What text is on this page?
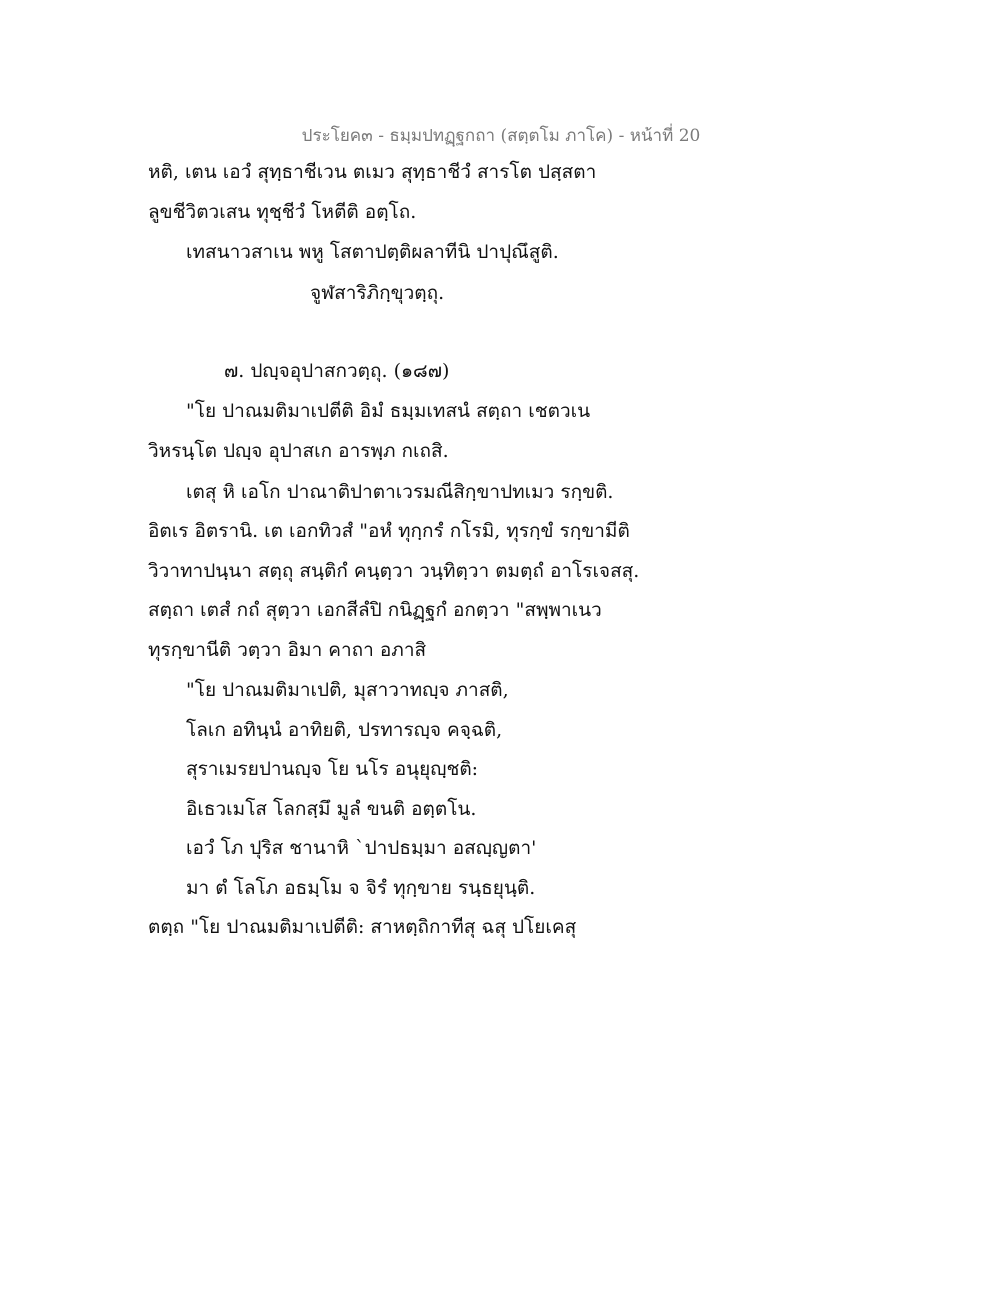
ประโยค๓ - ธมฺมปทฏฺฐกถา (สตฺตโม ภาโค) - หน้าที่ 20
หติ, เตน เอวํ สุทฺธาชีเวน ตเมว สุทฺธาชีวํ สารโต ปสฺสตา
ลูขชีวิตวเสน ทุชฺชีวํ โหตีติ อตฺโถ.
เทสนาวสาเน พหู โสตาปตฺติผลาทีนิ ปาปุณึสูติ.
จูฬสาริภิกฺขุวตฺถุ.
๗. ปญฺจอุปาสกวตฺถุ. (๑๘๗)
"โย ปาณมติมาเปตีติ อิมํ ธมฺมเทสนํ สตฺถา เชตวเน
วิหรนฺโต ปญฺจ อุปาสเก อารพฺภ กเถสิ.
เตสุ หิ เอโก ปาณาติปาตาเวรมณีสิกฺขาปทเมว รกฺขติ.
อิตเร อิตรานิ. เต เอกทิวสํ "อหํ ทุกฺกรํ กโรมิ, ทุรกฺขํ รกฺขามีติ
วิวาทาปนฺนา สตฺถุ สนฺติกํ คนฺตฺวา วนฺทิตฺวา ตมตฺถํ อาโรเจสสุ.
สตฺถา เตสํ กถํ สุตฺวา เอกสีลํปิ กนิฏฺฐกํ อกตฺวา "สพฺพาเนว
ทุรกฺขานีติ วตฺวา อิมา คาถา อภาสิ
"โย ปาณมติมาเปติ, มุสาวาทญฺจ ภาสติ,
โลเก อทินฺนํ อาทิยติ, ปรทารญฺจ คจฺฉติ,
สุราเมรยปานญฺจ โย นโร อนุยุญฺชติ:
อิเธวเมโส โลกสฺมึ มูลํ ขนติ อตฺตโน.
เอวํ โภ ปุริส ชานาหิ `ปาปธมฺมา อสญฺญตา'
มา ตํ โลโภ อธมฺโม จ จิรํ ทุกฺขาย รนฺธยุนฺติ.
ตตฺถ "โย ปาณมติมาเปตีติ: สาหตฺถิกาทีสุ ฉสุ ปโยเคสุ
